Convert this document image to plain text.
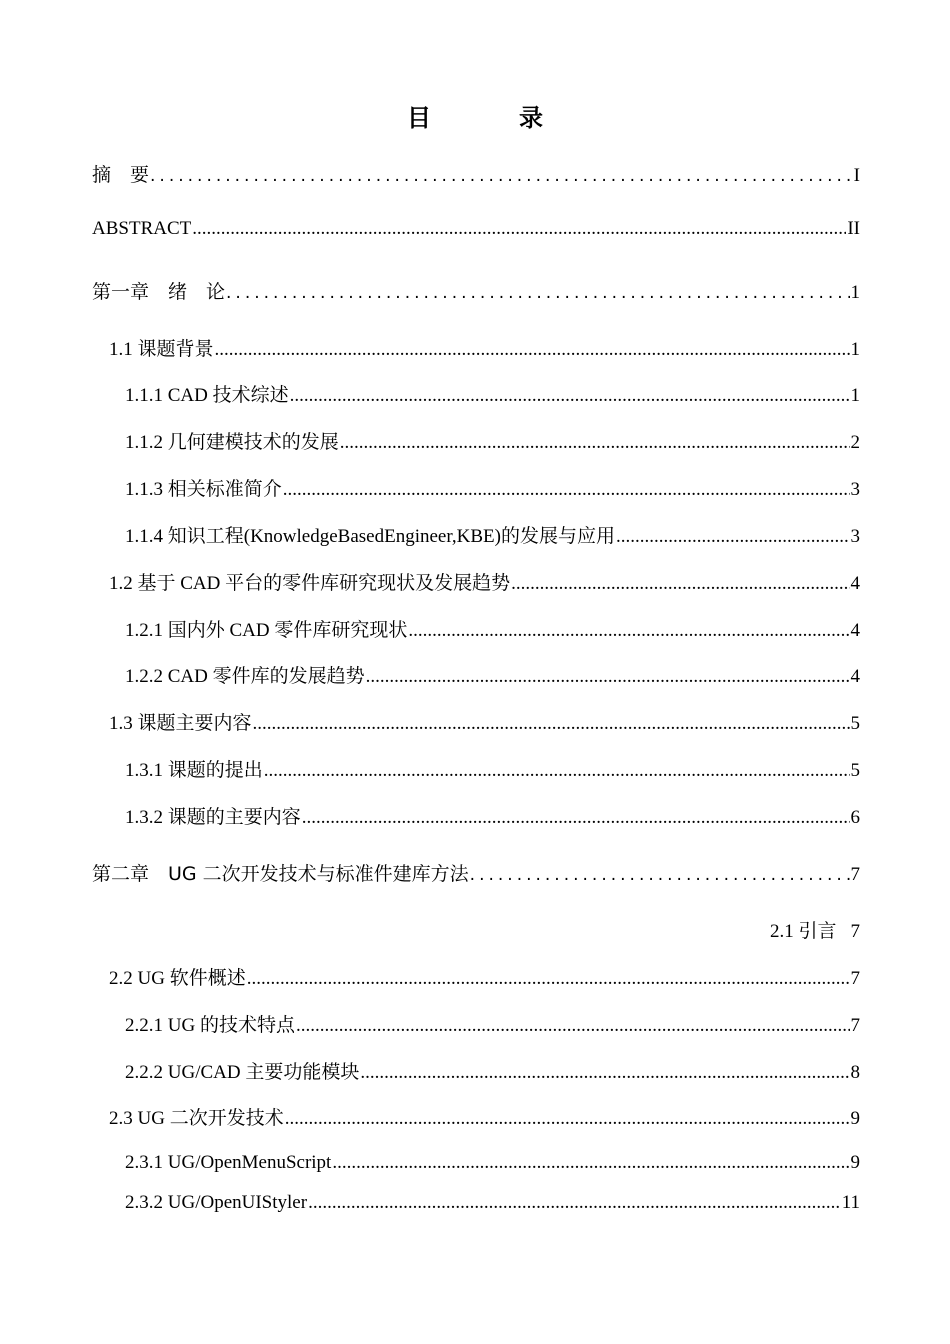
目　录
摘　要 .....	I
ABSTRACT .....	II
第一章　绪　论 .....	1
1.1 课题背景 .....	1
1.1.1 CAD 技术综述 .....	1
1.1.2 几何建模技术的发展 .....	2
1.1.3 相关标准简介 .....	3
1.1.4 知识工程(KnowledgeBasedEngineer,KBE)的发展与应用 .....	3
1.2 基于 CAD 平台的零件库研究现状及发展趋势 .....	4
1.2.1 国内外 CAD 零件库研究现状 .....	4
1.2.2 CAD 零件库的发展趋势 .....	4
1.3 课题主要内容 .....	5
1.3.1 课题的提出 .....	5
1.3.2 课题的主要内容 .....	6
第二章　UG 二次开发技术与标准件建库方法 .....	7
2.1 引言 7
2.2 UG 软件概述 .....	7
2.2.1 UG 的技术特点 .....	7
2.2.2 UG/CAD 主要功能模块 .....	8
2.3 UG 二次开发技术 .....	9
2.3.1 UG/OpenMenuScript .....	9
2.3.2 UG/OpenUIStyler .....	11
